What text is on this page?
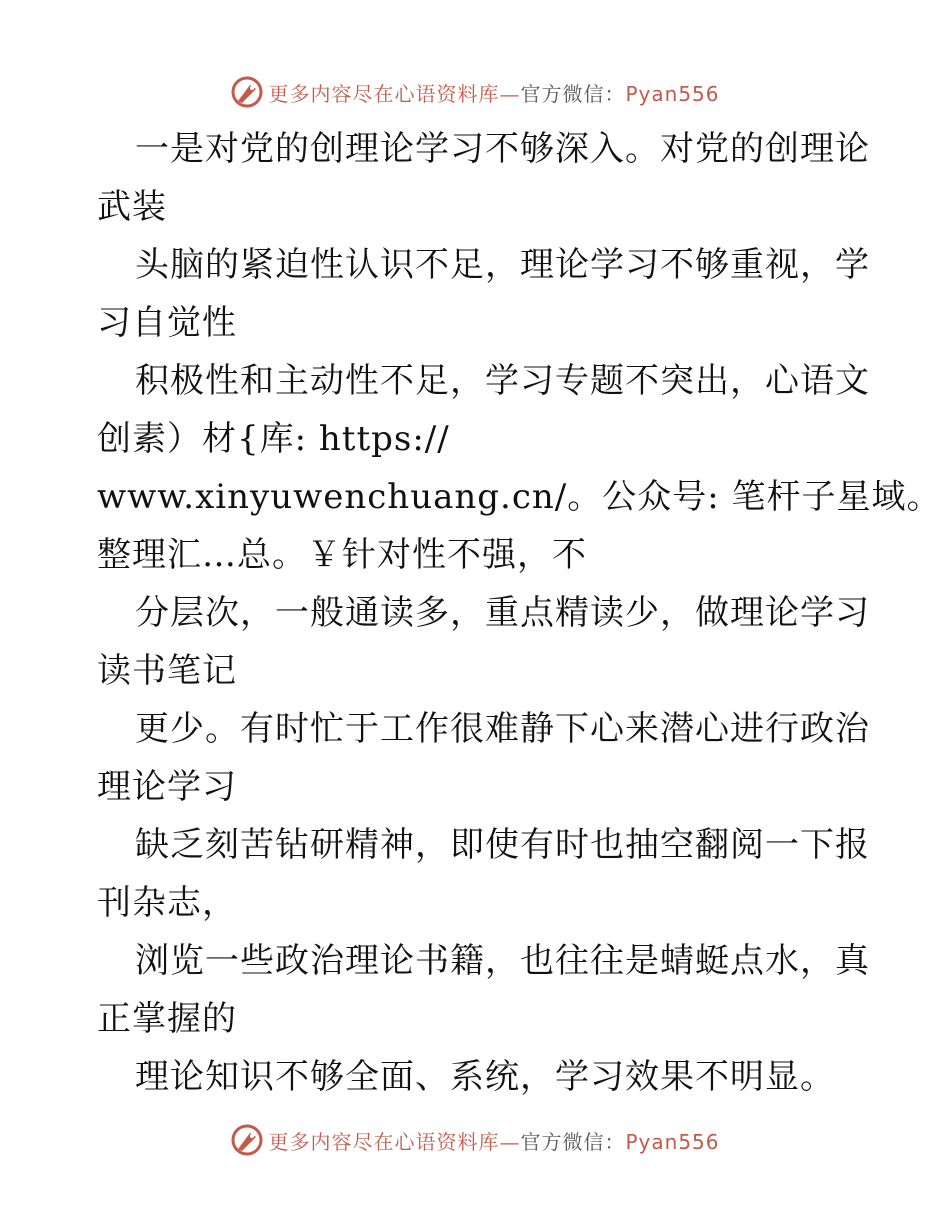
更多内容尽在心语资料库—官方微信：Pyan556
一是对党的创理论学习不够深入。对党的创理论
武装
头脑的紧迫性认识不足，理论学习不够重视，学
习自觉性
积极性和主动性不足，学习专题不突出，心语文
创素）材{库: https://
www.xinyuwenchuang.cn/。公众号: 笔杆子星域。
整理汇…总。￥针对性不强，不
分层次，一般通读多，重点精读少，做理论学习
读书笔记
更少。有时忙于工作很难静下心来潜心进行政治
理论学习
缺乏刻苦钻研精神，即使有时也抽空翻阅一下报
刊杂志，
浏览一些政治理论书籍，也往往是蜻蜓点水，真
正掌握的
理论知识不够全面、系统，学习效果不明显。
更多内容尽在心语资料库—官方微信：Pyan556
